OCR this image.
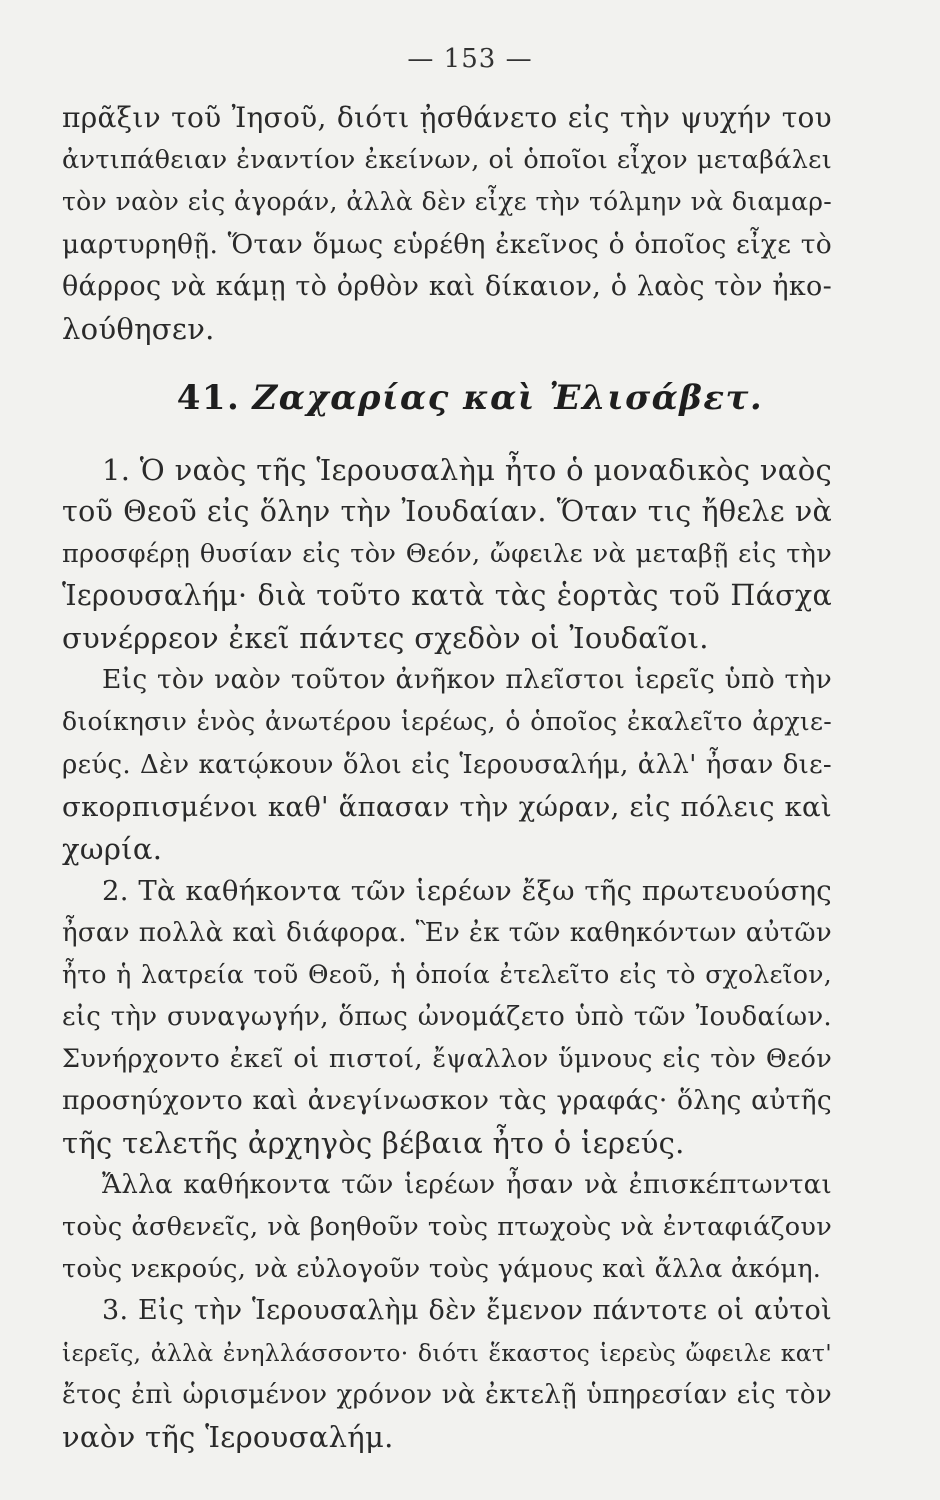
— 153 —
πρᾶξιν τοῦ Ἰησοῦ, διότι ᾐσθάνετο εἰς τὴν ψυχήν του
ἀντιπάθειαν ἐναντίον ἐκείνων, οἱ ὁποῖοι εἶχον μεταβάλει
τὸν ναὸν εἰς ἀγοράν, ἀλλὰ δὲν εἶχε τὴν τόλμην νὰ διαμαρ-
μαρτυρηθῇ. Ὅταν ὅμως εὑρέθη ἐκεῖνος ὁ ὁποῖος εἶχε τὸ
θάρρος νὰ κάμῃ τὸ ὀρθὸν καὶ δίκαιον, ὁ λαὸς τὸν ἠκο-
λούθησεν.
41. Ζαχαρίας καὶ Ἐλισάβετ.
1. Ὁ ναὸς τῆς Ἱερουσαλὴμ ἦτο ὁ μοναδικὸς ναὸς
τοῦ Θεοῦ εἰς ὅλην τὴν Ἰουδαίαν. Ὅταν τις ἤθελε νὰ
προσφέρῃ θυσίαν εἰς τὸν Θεόν, ὤφειλε νὰ μεταβῇ εἰς τὴν
Ἱερουσαλήμ· διὰ τοῦτο κατὰ τὰς ἑορτὰς τοῦ Πάσχα
συνέρρεον ἐκεῖ πάντες σχεδὸν οἱ Ἰουδαῖοι.
Εἰς τὸν ναὸν τοῦτον ἀνῆκον πλεῖστοι ἱερεῖς ὑπὸ τὴν
διοίκησιν ἑνὸς ἀνωτέρου ἱερέως, ὁ ὁποῖος ἐκαλεῖτο ἀρχιε-
ρεύς. Δὲν κατῴκουν ὅλοι εἰς Ἱερουσαλήμ, ἀλλ' ἦσαν διε-
σκορπισμένοι καθ' ἅπασαν τὴν χώραν, εἰς πόλεις καὶ
χωρία.
2. Τὰ καθήκοντα τῶν ἱερέων ἔξω τῆς πρωτευούσης
ἦσαν πολλὰ καὶ διάφορα. Ἓν ἐκ τῶν καθηκόντων αὐτῶν
ἦτο ἡ λατρεία τοῦ Θεοῦ, ἡ ὁποία ἐτελεῖτο εἰς τὸ σχολεῖον,
εἰς τὴν συναγωγήν, ὅπως ὠνομάζετο ὑπὸ τῶν Ἰουδαίων.
Συνήρχοντο ἐκεῖ οἱ πιστοί, ἔψαλλον ὕμνους εἰς τὸν Θεόν
προσηύχοντο καὶ ἀνεγίνωσκον τὰς γραφάς· ὅλης αὐτῆς
τῆς τελετῆς ἀρχηγὸς βέβαια ἦτο ὁ ἱερεύς.
Ἄλλα καθήκοντα τῶν ἱερέων ἦσαν νὰ ἐπισκέπτωνται
τοὺς ἀσθενεῖς, νὰ βοηθοῦν τοὺς πτωχοὺς νὰ ἐνταφιάζουν
τοὺς νεκρούς, νὰ εὐλογοῦν τοὺς γάμους καὶ ἄλλα ἀκόμη.
3. Εἰς τὴν Ἱερουσαλὴμ δὲν ἔμενον πάντοτε οἱ αὐτοὶ
ἱερεῖς, ἀλλὰ ἐνηλλάσσοντο· διότι ἕκαστος ἱερεὺς ὤφειλε κατ'
ἔτος ἐπὶ ὡρισμένον χρόνον νὰ ἐκτελῇ ὑπηρεσίαν εἰς τὸν
ναὸν τῆς Ἱερουσαλήμ.
